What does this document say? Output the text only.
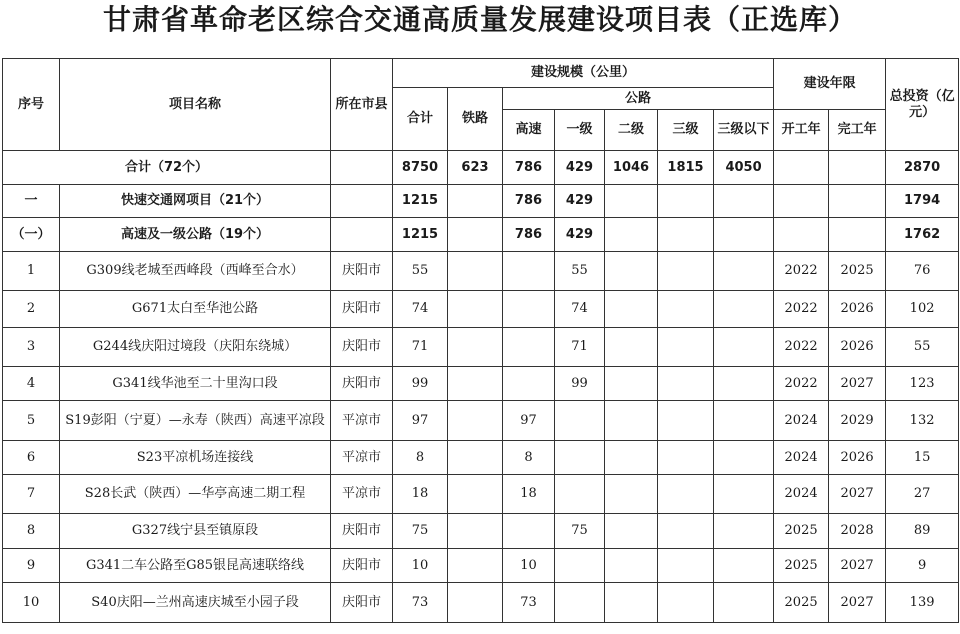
甘肃省革命老区综合交通高质量发展建设项目表（正选库）
序号	项目名称	所在市县	建设规模（公里）							建设年限		总投资（亿元）
			合计	铁路	公路							
					高速	一级	二级	三级	三级以下	开工年	完工年	
合计（72个）			8750	623	786	429	1046	1815	4050			2870
一	快速交通网项目（21个）		1215		786	429						1794
（一）	高速及一级公路（19个）		1215		786	429						1762
1	G309线老城至西峰段（西峰至合水）	庆阳市	55			55				2022	2025	76
2	G671太白至华池公路	庆阳市	74			74				2022	2026	102
3	G244线庆阳过境段（庆阳东绕城）	庆阳市	71			71				2022	2026	55
4	G341线华池至二十里沟口段	庆阳市	99			99				2022	2027	123
5	S19彭阳（宁夏）—永寿（陕西）高速平凉段	平凉市	97		97					2024	2029	132
6	S23平凉机场连接线	平凉市	8		8					2024	2026	15
7	S28长武（陕西）—华亭高速二期工程	平凉市	18		18					2024	2027	27
8	G327线宁县至镇原段	庆阳市	75			75				2025	2028	89
9	G341二车公路至G85银昆高速联络线	庆阳市	10		10					2025	2027	9
10	S40庆阳—兰州高速庆城至小园子段	庆阳市	73		73					2025	2027	139
